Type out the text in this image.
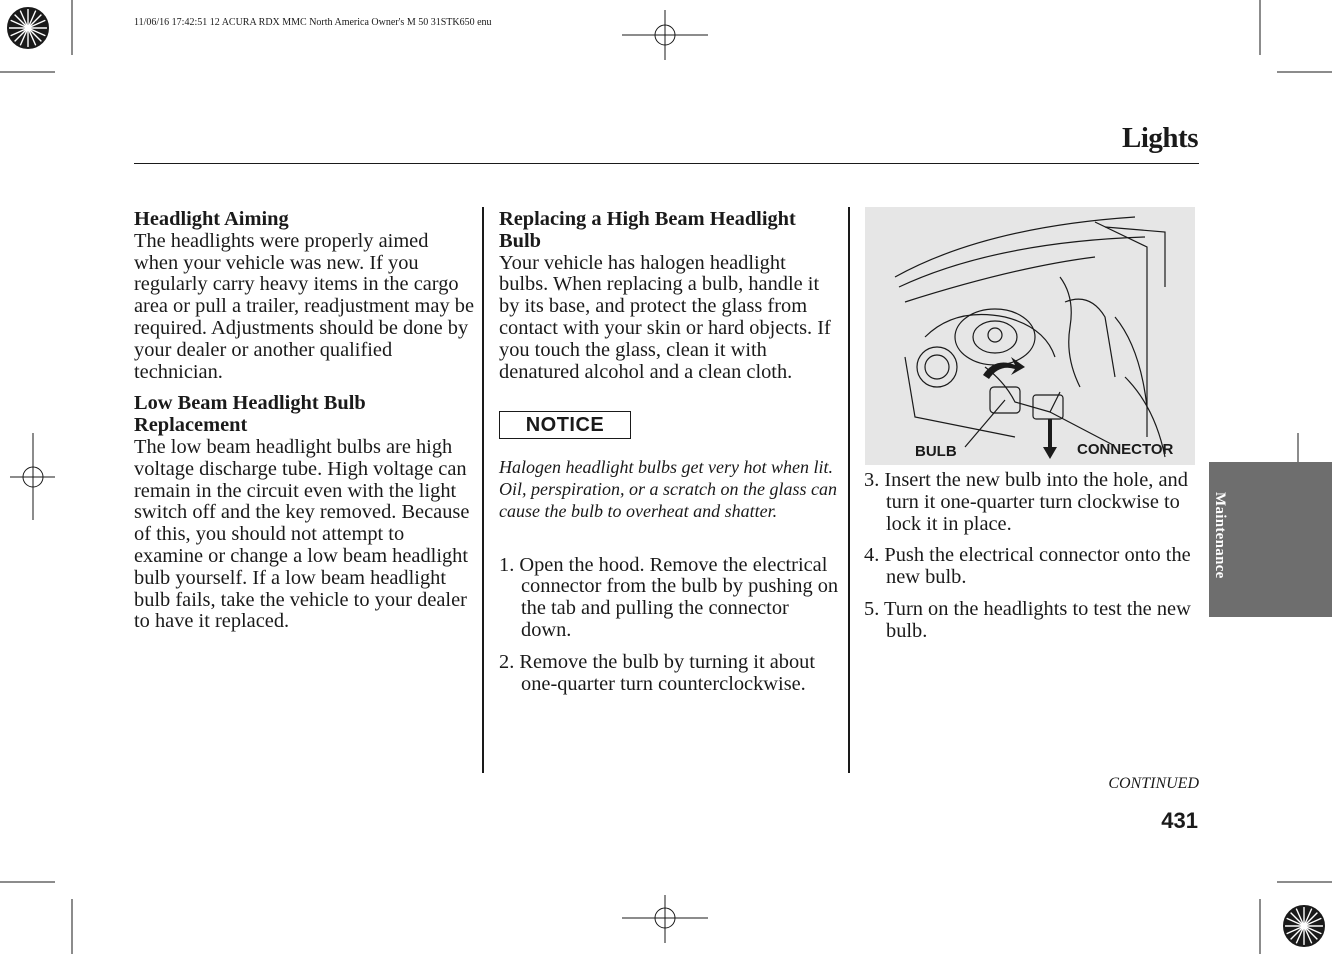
11/06/16 17:42:51 12 ACURA RDX MMC North America Owner's M 50 31STK650 enu
Lights

Headlight Aiming

The headlights were properly aimed when your vehicle was new. If you regularly carry heavy items in the cargo area or pull a trailer, readjustment may be required. Adjustments should be done by your dealer or another qualified technician.

Low Beam Headlight Bulb Replacement

The low beam headlight bulbs are high voltage discharge tube. High voltage can remain in the circuit even with the light switch off and the key removed. Because of this, you should not attempt to examine or change a low beam headlight bulb yourself. If a low beam headlight bulb fails, take the vehicle to your dealer to have it replaced.

Replacing a High Beam Headlight Bulb

Your vehicle has halogen headlight bulbs. When replacing a bulb, handle it by its base, and protect the glass from contact with your skin or hard objects. If you touch the glass, clean it with denatured alcohol and a clean cloth.

NOTICE

Halogen headlight bulbs get very hot when lit. Oil, perspiration, or a scratch on the glass can cause the bulb to overheat and shatter.

1. Open the hood. Remove the electrical connector from the bulb by pushing on the tab and pulling the connector down.

2. Remove the bulb by turning it about one-quarter turn counterclockwise.

BULB	CONNECTOR

3. Insert the new bulb into the hole, and turn it one-quarter turn clockwise to lock it in place.

4. Push the electrical connector onto the new bulb.

5. Turn on the headlights to test the new bulb.

CONTINUED
431
Maintenance
